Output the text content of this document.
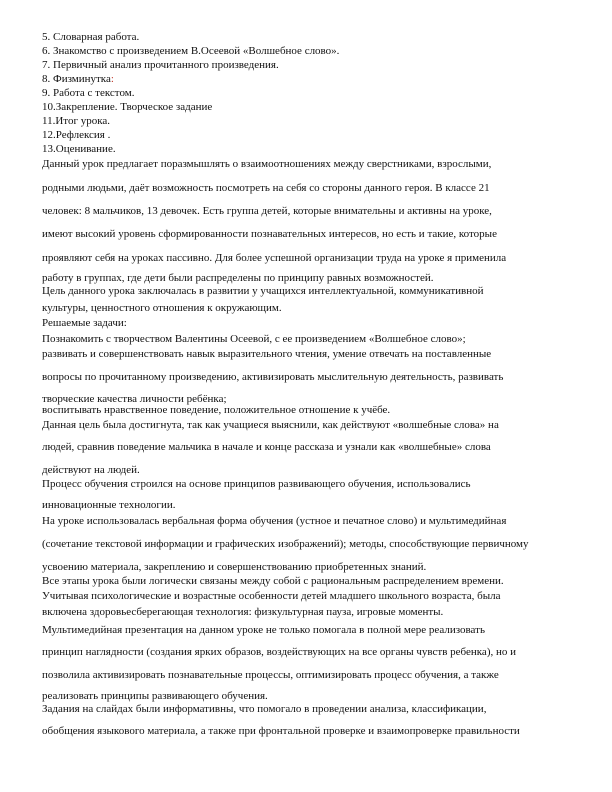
5. Словарная работа.
6. Знакомство с произведением В.Осеевой «Волшебное слово».
7. Первичный анализ прочитанного произведения.
8. Физминутка:
9. Работа с текстом.
10.Закрепление. Творческое задание
11.Итог урока.
12.Рефлексия .
13.Оценивание.
Данный урок предлагает поразмышлять о взаимоотношениях между сверстниками, взрослыми,
родными людьми, даёт возможность посмотреть на себя со стороны данного героя. В классе 21
человек: 8 мальчиков, 13 девочек. Есть группа детей, которые внимательны и активны на уроке,
имеют высокий уровень сформированности познавательных интересов, но есть и такие, которые
проявляют себя на уроках пассивно. Для более успешной организации труда на уроке я применила
работу в группах, где дети были распределены по принципу равных возможностей.
Цель данного урока заключалась в развитии у учащихся интеллектуальной, коммуникативной
культуры, ценностного отношения к окружающим.
Решаемые задачи:
Познакомить с творчеством Валентины Осеевой, с ее произведением «Волшебное слово»;
развивать и совершенствовать навык выразительного чтения, умение отвечать на поставленные
вопросы по прочитанному произведению, активизировать мыслительную деятельность, развивать
творческие качества личности ребёнка;
воспитывать нравственное поведение, положительное отношение к учёбе.
Данная цель была достигнута, так как учащиеся выяснили, как действуют «волшебные слова» на
людей, сравнив поведение мальчика в начале и конце рассказа и узнали как «волшебные» слова
действуют на людей.
Процесс обучения строился на основе принципов развивающего обучения, использовались
инновационные технологии.
На уроке использовалась вербальная форма обучения (устное и печатное слово) и мультимедийная
(сочетание текстовой информации и графических изображений); методы, способствующие первичному
усвоению материала, закреплению и совершенствованию приобретенных знаний.
Все этапы урока были логически связаны между собой с рациональным распределением времени.
Учитывая психологические и возрастные особенности детей младшего школьного возраста, была
включена здоровьесберегающая технология: физкультурная пауза, игровые моменты.
Мультимедийная презентация на данном уроке не только помогала в полной мере реализовать
принцип наглядности (создания ярких образов, воздействующих на все органы чувств ребенка), но и
позволила активизировать познавательные процессы, оптимизировать процесс обучения, а также
реализовать принципы развивающего обучения.
Задания на слайдах были информативны, что помогало в проведении анализа, классификации,
обобщения языкового материала, а также при фронтальной проверке и взаимопроверке правильности
